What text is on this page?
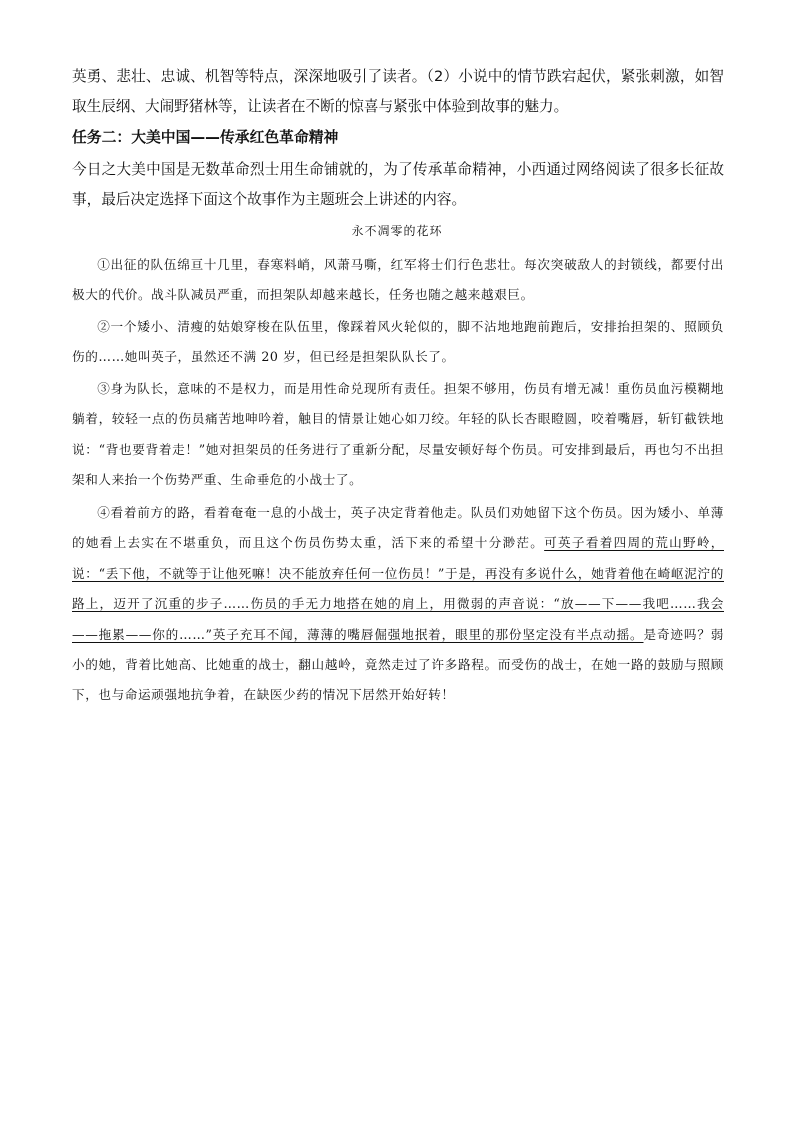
英勇、悲壮、忠诚、机智等特点，深深地吸引了读者。（2）小说中的情节跌宕起伏，紧张刺激，如智取生辰纲、大闹野猪林等，让读者在不断的惊喜与紧张中体验到故事的魅力。

任务二：大美中国——传承红色革命精神

今日之大美中国是无数革命烈士用生命铺就的，为了传承革命精神，小西通过网络阅读了很多长征故事，最后决定选择下面这个故事作为主题班会上讲述的内容。

永不凋零的花环

①出征的队伍绵亘十几里，春寒料峭，风萧马嘶，红军将士们行色悲壮。每次突破敌人的封锁线，都要付出极大的代价。战斗队减员严重，而担架队却越来越长，任务也随之越来越艰巨。

②一个矮小、清瘦的姑娘穿梭在队伍里，像踩着风火轮似的，脚不沾地地跑前跑后，安排抬担架的、照顾负伤的……她叫英子，虽然还不满 20 岁，但已经是担架队队长了。

③身为队长，意味的不是权力，而是用性命兑现所有责任。担架不够用，伤员有增无减！重伤员血污模糊地躺着，较轻一点的伤员痛苦地呻吟着，触目的情景让她心如刀绞。年轻的队长杏眼瞪圆，咬着嘴唇，斩钉截铁地说：“背也要背着走！”她对担架员的任务进行了重新分配，尽量安顿好每个伤员。可安排到最后，再也匀不出担架和人来抬一个伤势严重、生命垂危的小战士了。

④看着前方的路，看着奄奄一息的小战士，英子决定背着他走。队员们劝她留下这个伤员。因为矮小、单薄的她看上去实在不堪重负，而且这个伤员伤势太重，活下来的希望十分渺茫。可英子看着四周的荒山野岭，说：“丢下他，不就等于让他死嘛！决不能放弃任何一位伤员！”于是，再没有多说什么，她背着他在崎岖泥泞的路上，迈开了沉重的步子……伤员的手无力地搭在她的肩上，用微弱的声音说：“放——下——我吧……我会——拖累——你的……”英子充耳不闻，薄薄的嘴唇倔强地抿着，眼里的那份坚定没有半点动摇。是奇迹吗？弱小的她，背着比她高、比她重的战士，翻山越岭，竟然走过了许多路程。而受伤的战士，在她一路的鼓励与照顾下，也与命运顽强地抗争着，在缺医少药的情况下居然开始好转！
